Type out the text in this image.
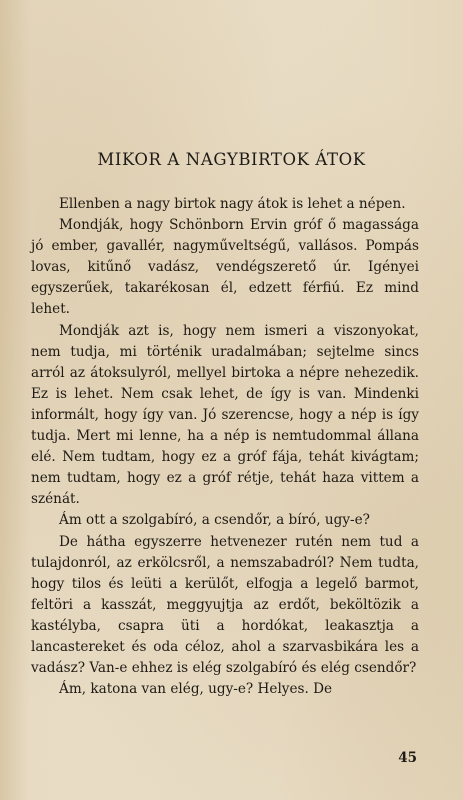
MIKOR A NAGYBIRTOK ÁTOK

Ellenben a nagy birtok nagy átok is lehet a népen.

Mondják, hogy Schönborn Ervin gróf ő magassága jó ember, gavallér, nagyműveltségű, vallásos. Pompás lovas, kitűnő vadász, vendégszerető úr. Igényei egyszerűek, takarékosan él, edzett férfiú. Ez mind lehet.

Mondják azt is, hogy nem ismeri a viszonyokat, nem tudja, mi történik uradalmában; sejtelme sincs arról az átoksulyról, mellyel birtoka a népre nehezedik. Ez is lehet. Nem csak lehet, de így is van. Mindenki informált, hogy így van. Jó szerencse, hogy a nép is így tudja. Mert mi lenne, ha a nép is nemtudommal állana elé. Nem tudtam, hogy ez a gróf fája, tehát kivágtam; nem tudtam, hogy ez a gróf rétje, tehát haza vittem a szénát.

Ám ott a szolgabíró, a csendőr, a bíró, ugy-e?

De hátha egyszerre hetvenezer rutén nem tud a tulajdonról, az erkölcsről, a nemszabadról? Nem tudta, hogy tilos és leüti a kerülőt, elfogja a legelő barmot, feltöri a kasszát, meggyujtja az erdőt, beköltözik a kastélyba, csapra üti a hordókat, leakasztja a lancastereket és oda céloz, ahol a szarvasbikára les a vadász? Van-e ehhez is elég szolgabíró és elég csendőr?

Ám, katona van elég, ugy-e? Helyes. De

45
